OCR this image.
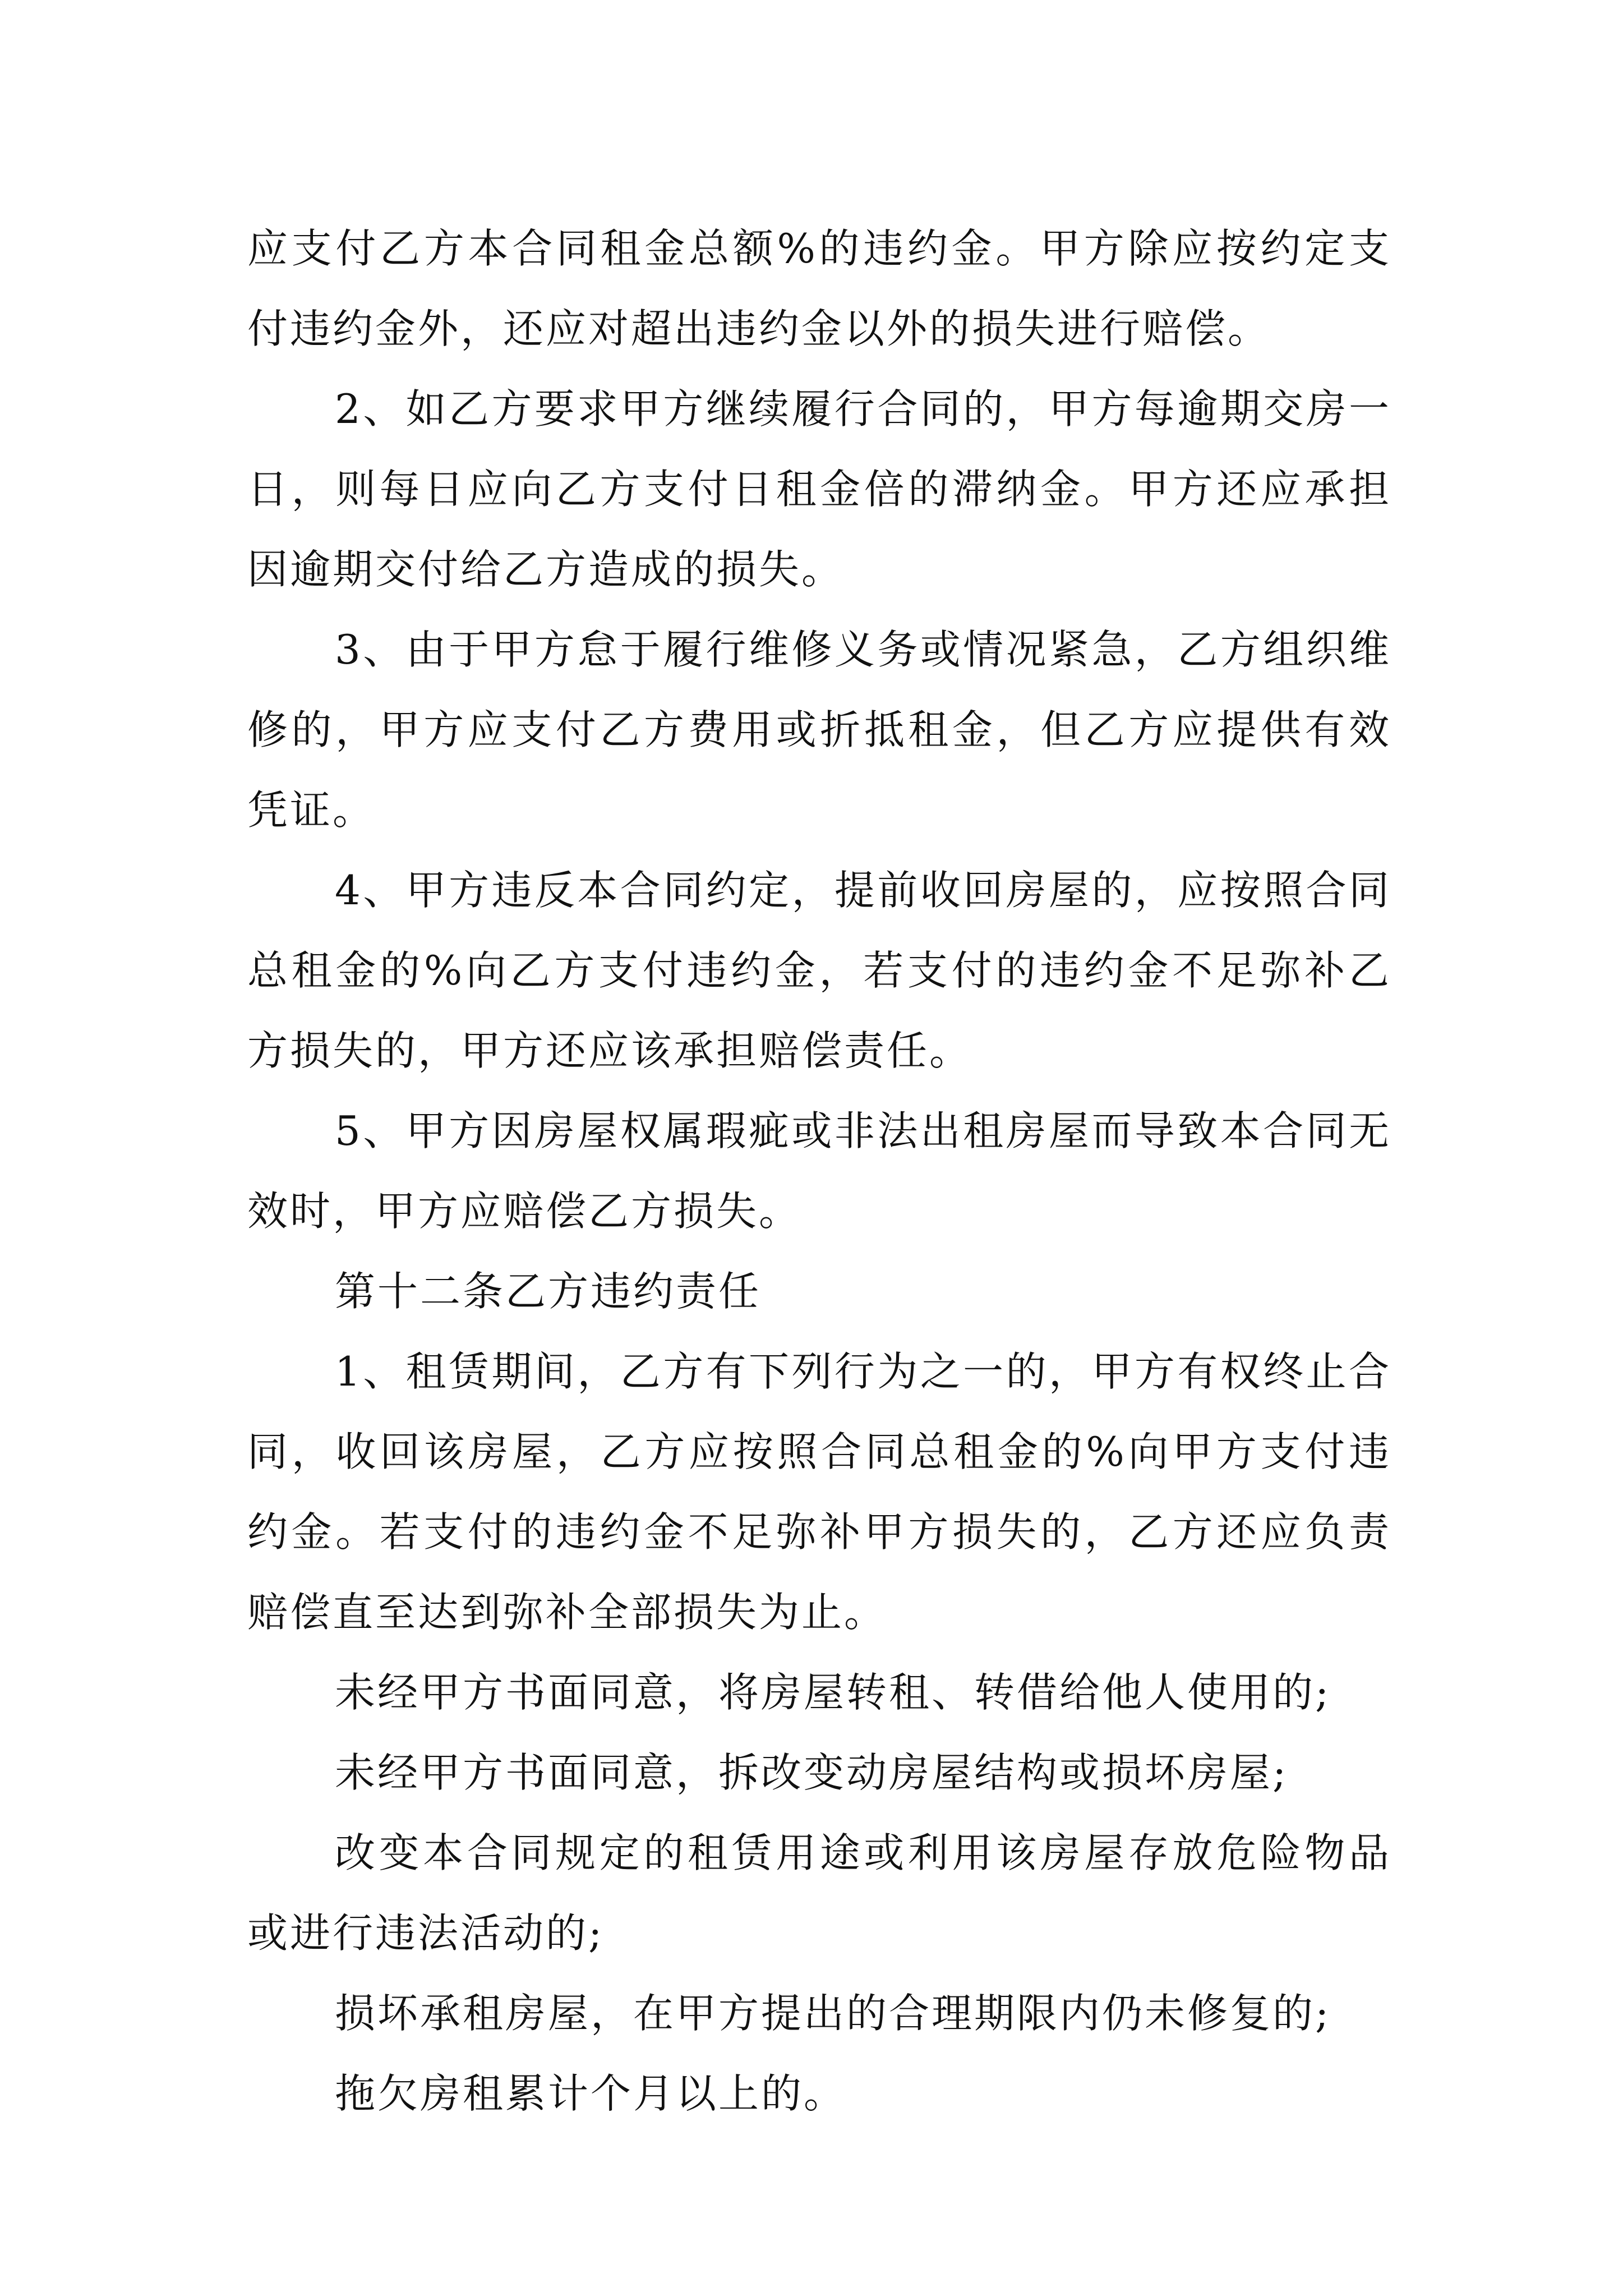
应支付乙方本合同租金总额%的违约金。甲方除应按约定支付违约金外，还应对超出违约金以外的损失进行赔偿。

2、如乙方要求甲方继续履行合同的，甲方每逾期交房一日，则每日应向乙方支付日租金倍的滞纳金。甲方还应承担因逾期交付给乙方造成的损失。

3、由于甲方怠于履行维修义务或情况紧急，乙方组织维修的，甲方应支付乙方费用或折抵租金，但乙方应提供有效凭证。

4、甲方违反本合同约定，提前收回房屋的，应按照合同总租金的%向乙方支付违约金，若支付的违约金不足弥补乙方损失的，甲方还应该承担赔偿责任。

5、甲方因房屋权属瑕疵或非法出租房屋而导致本合同无效时，甲方应赔偿乙方损失。

第十二条乙方违约责任

1、租赁期间，乙方有下列行为之一的，甲方有权终止合同，收回该房屋，乙方应按照合同总租金的%向甲方支付违约金。若支付的违约金不足弥补甲方损失的，乙方还应负责赔偿直至达到弥补全部损失为止。

未经甲方书面同意，将房屋转租、转借给他人使用的;

未经甲方书面同意，拆改变动房屋结构或损坏房屋;

改变本合同规定的租赁用途或利用该房屋存放危险物品或进行违法活动的;

损坏承租房屋，在甲方提出的合理期限内仍未修复的;

拖欠房租累计个月以上的。
